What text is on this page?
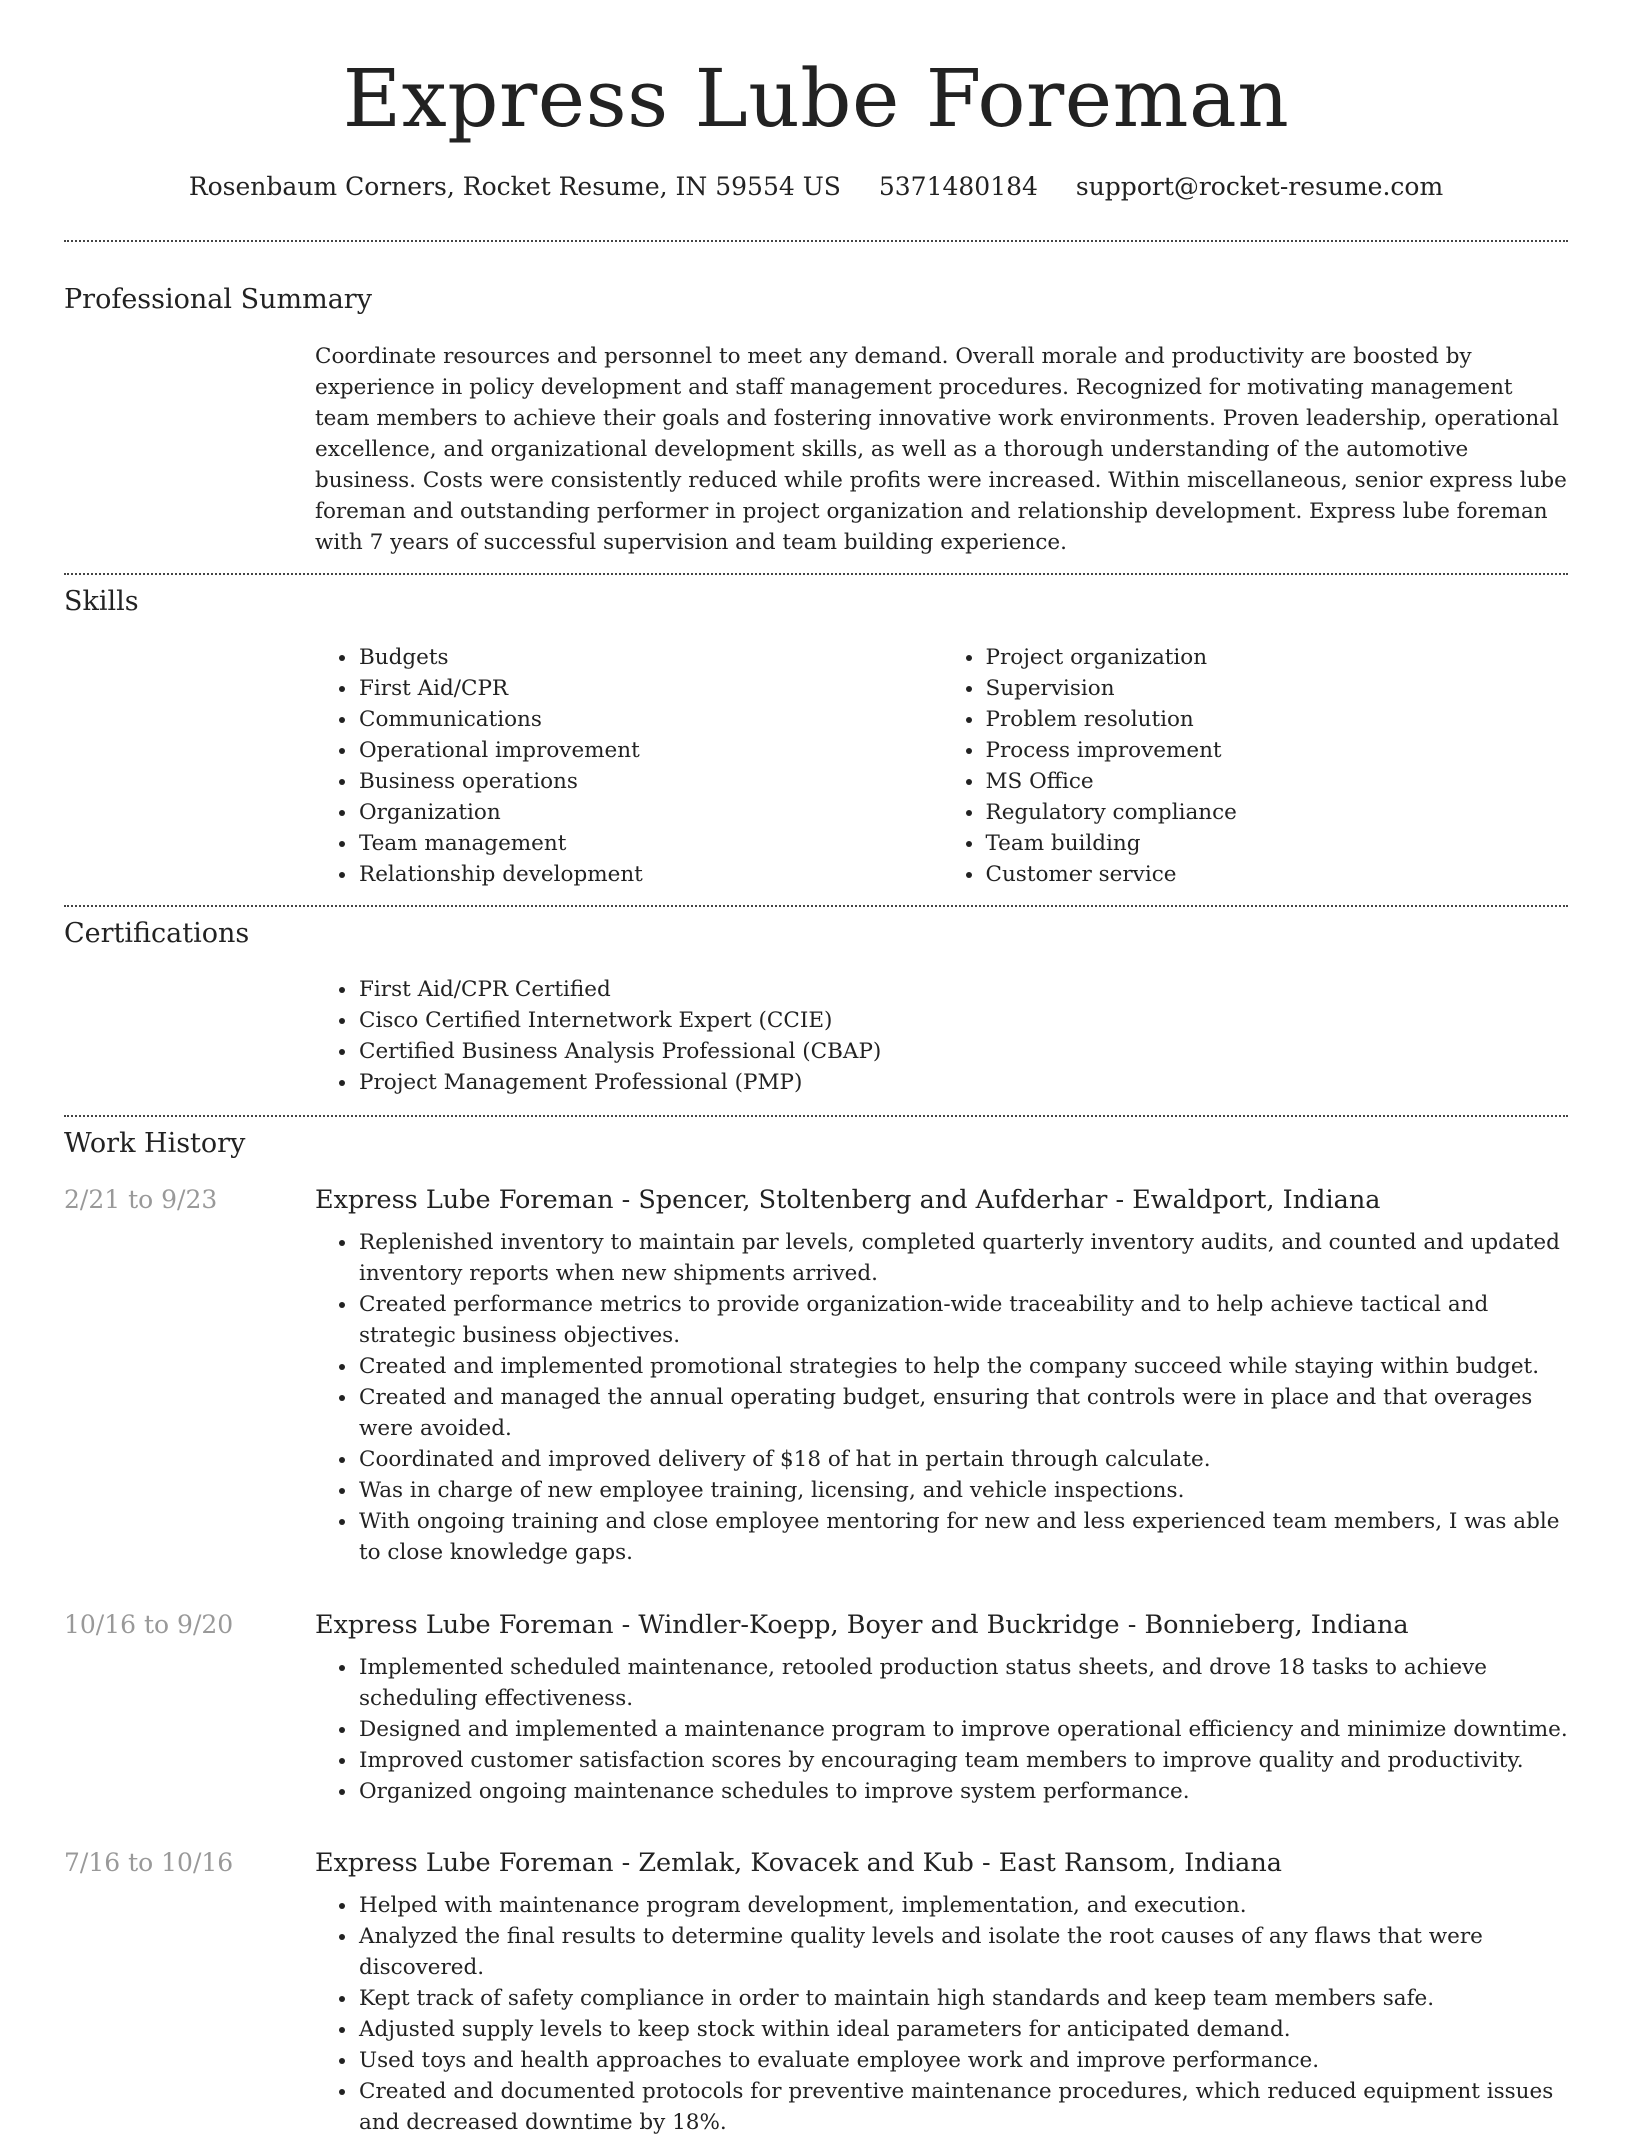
Express Lube Foreman
Rosenbaum Corners, Rocket Resume, IN 59554 US 5371480184 support@rocket-resume.com
Professional Summary

Coordinate resources and personnel to meet any demand. Overall morale and productivity are boosted by experience in policy development and staff management procedures. Recognized for motivating management team members to achieve their goals and fostering innovative work environments. Proven leadership, operational excellence, and organizational development skills, as well as a thorough understanding of the automotive business. Costs were consistently reduced while profits were increased. Within miscellaneous, senior express lube foreman and outstanding performer in project organization and relationship development. Express lube foreman with 7 years of successful supervision and team building experience.

Skills
• Budgets
• First Aid/CPR
• Communications
• Operational improvement
• Business operations
• Organization
• Team management
• Relationship development
• Project organization
• Supervision
• Problem resolution
• Process improvement
• MS Office
• Regulatory compliance
• Team building
• Customer service
Certifications
• First Aid/CPR Certified
• Cisco Certified Internetwork Expert (CCIE)
• Certified Business Analysis Professional (CBAP)
• Project Management Professional (PMP)
Work History
2/21 to 9/23	Express Lube Foreman - Spencer, Stoltenberg and Aufderhar - Ewaldport, Indiana
• Replenished inventory to maintain par levels, completed quarterly inventory audits, and counted and updated inventory reports when new shipments arrived.
• Created performance metrics to provide organization-wide traceability and to help achieve tactical and strategic business objectives.
• Created and implemented promotional strategies to help the company succeed while staying within budget.
• Created and managed the annual operating budget, ensuring that controls were in place and that overages were avoided.
• Coordinated and improved delivery of $18 of hat in pertain through calculate.
• Was in charge of new employee training, licensing, and vehicle inspections.
• With ongoing training and close employee mentoring for new and less experienced team members, I was able to close knowledge gaps.
10/16 to 9/20	Express Lube Foreman - Windler-Koepp, Boyer and Buckridge - Bonnieberg, Indiana
• Implemented scheduled maintenance, retooled production status sheets, and drove 18 tasks to achieve scheduling effectiveness.
• Designed and implemented a maintenance program to improve operational efficiency and minimize downtime.
• Improved customer satisfaction scores by encouraging team members to improve quality and productivity.
• Organized ongoing maintenance schedules to improve system performance.
7/16 to 10/16	Express Lube Foreman - Zemlak, Kovacek and Kub - East Ransom, Indiana
• Helped with maintenance program development, implementation, and execution.
• Analyzed the final results to determine quality levels and isolate the root causes of any flaws that were discovered.
• Kept track of safety compliance in order to maintain high standards and keep team members safe.
• Adjusted supply levels to keep stock within ideal parameters for anticipated demand.
• Used toys and health approaches to evaluate employee work and improve performance.
• Created and documented protocols for preventive maintenance procedures, which reduced equipment issues and decreased downtime by 18%.
